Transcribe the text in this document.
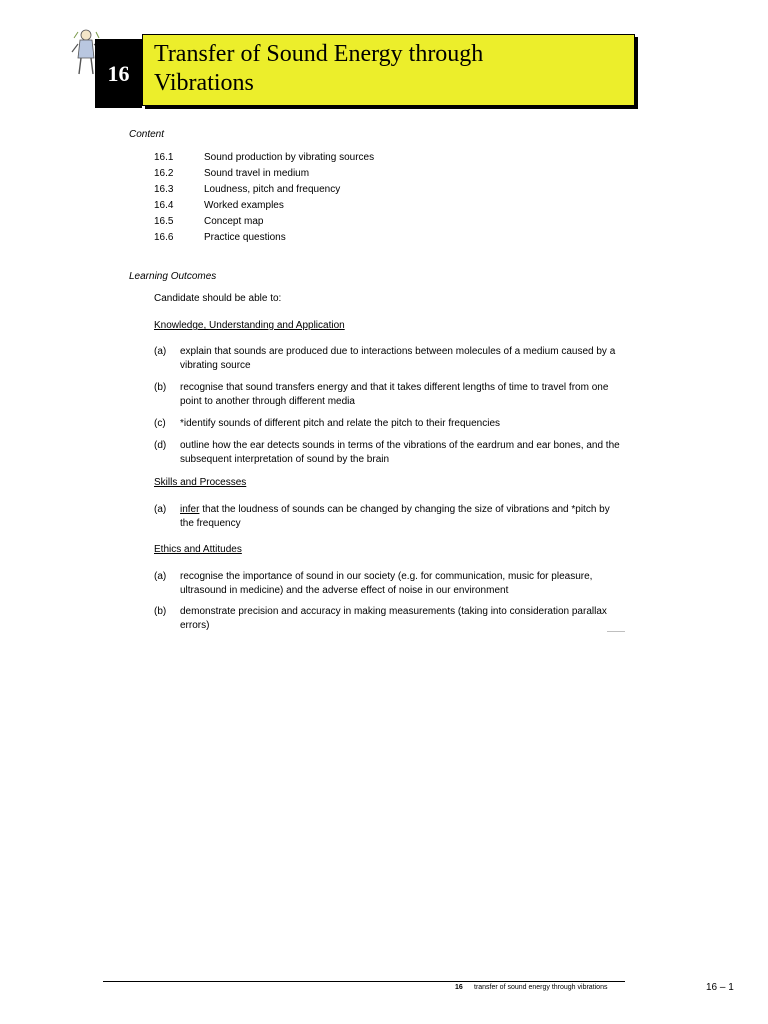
16
Transfer of Sound Energy through
Vibrations
Content
16.1	Sound production by vibrating sources
16.2	Sound travel in medium
16.3	Loudness, pitch and frequency
16.4	Worked examples
16.5	Concept map
16.6	Practice questions
Learning Outcomes
Candidate should be able to:
Knowledge, Understanding and Application
(a)	explain that sounds are produced due to interactions between molecules of a medium caused by a vibrating source
(b)	recognise that sound transfers energy and that it takes different lengths of time to travel from one point to another through different media
(c)	*identify sounds of different pitch and relate the pitch to their frequencies
(d)	outline how the ear detects sounds in terms of the vibrations of the eardrum and ear bones, and the subsequent interpretation of sound by the brain
Skills and Processes
(a)	infer that the loudness of sounds can be changed by changing the size of vibrations and *pitch by the frequency
Ethics and Attitudes
(a)	recognise the importance of sound in our society (e.g. for communication, music for pleasure, ultrasound in medicine) and the adverse effect of noise in our environment
(b)	demonstrate precision and accuracy in making measurements (taking into consideration parallax errors)
16 transfer of sound energy through vibrations	16 – 1
